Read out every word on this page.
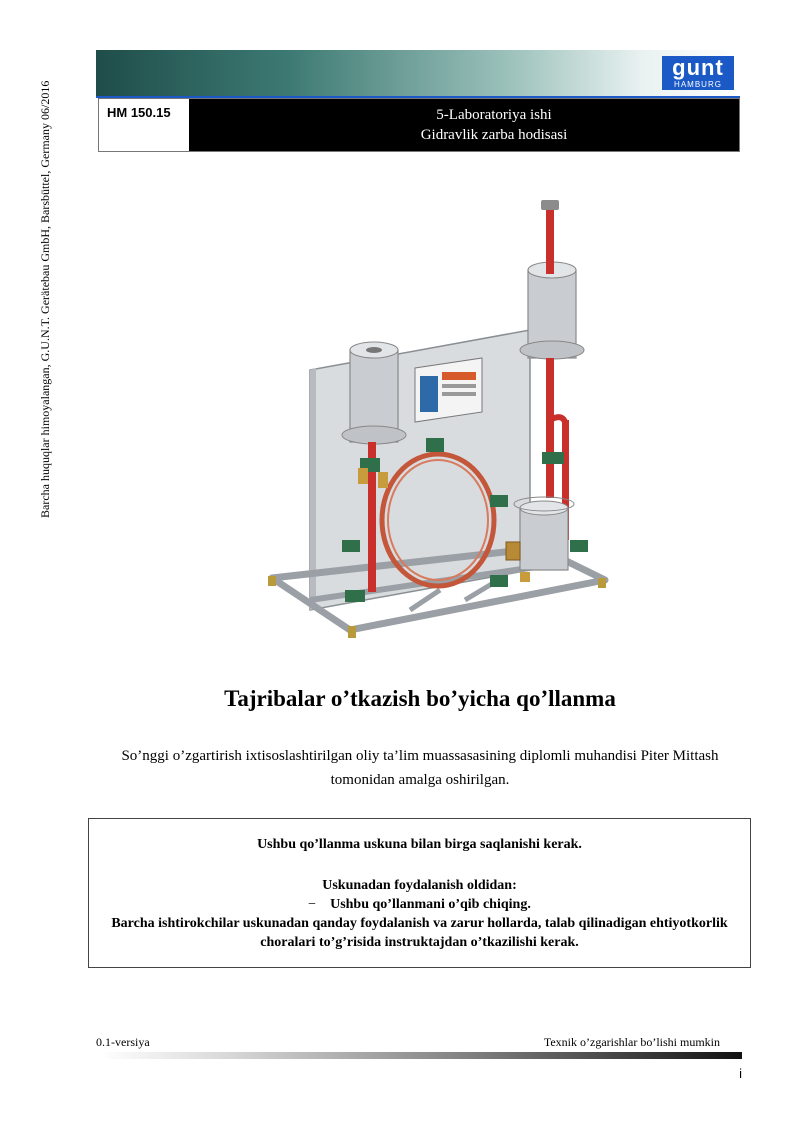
Barcha huquqlar himoyalangan, G.U.N.T. Gerätebau GmbH, Barsbüttel, Germany 06/2016
gunt
HAMBURG
HM 150.15	5-Laboratoriya ishi
Gidravlik zarba hodisasi
Tajribalar o’tkazish bo’yicha qo’llanma
So’nggi o’zgartirish ixtisoslashtirilgan oliy ta’lim muassasasining diplomli muhandisi Piter Mittash tomonidan amalga oshirilgan.
Ushbu qo’llanma uskuna bilan birga saqlanishi kerak.
Uskunadan foydalanish oldidan:
− Ushbu qo’llanmani o’qib chiqing.
Barcha ishtirokchilar uskunadan qanday foydalanish va zarur hollarda, talab qilinadigan ehtiyotkorlik choralari to’g’risida instruktajdan o’tkazilishi kerak.
0.1-versiya	Texnik o’zgarishlar bo’lishi mumkin
i
